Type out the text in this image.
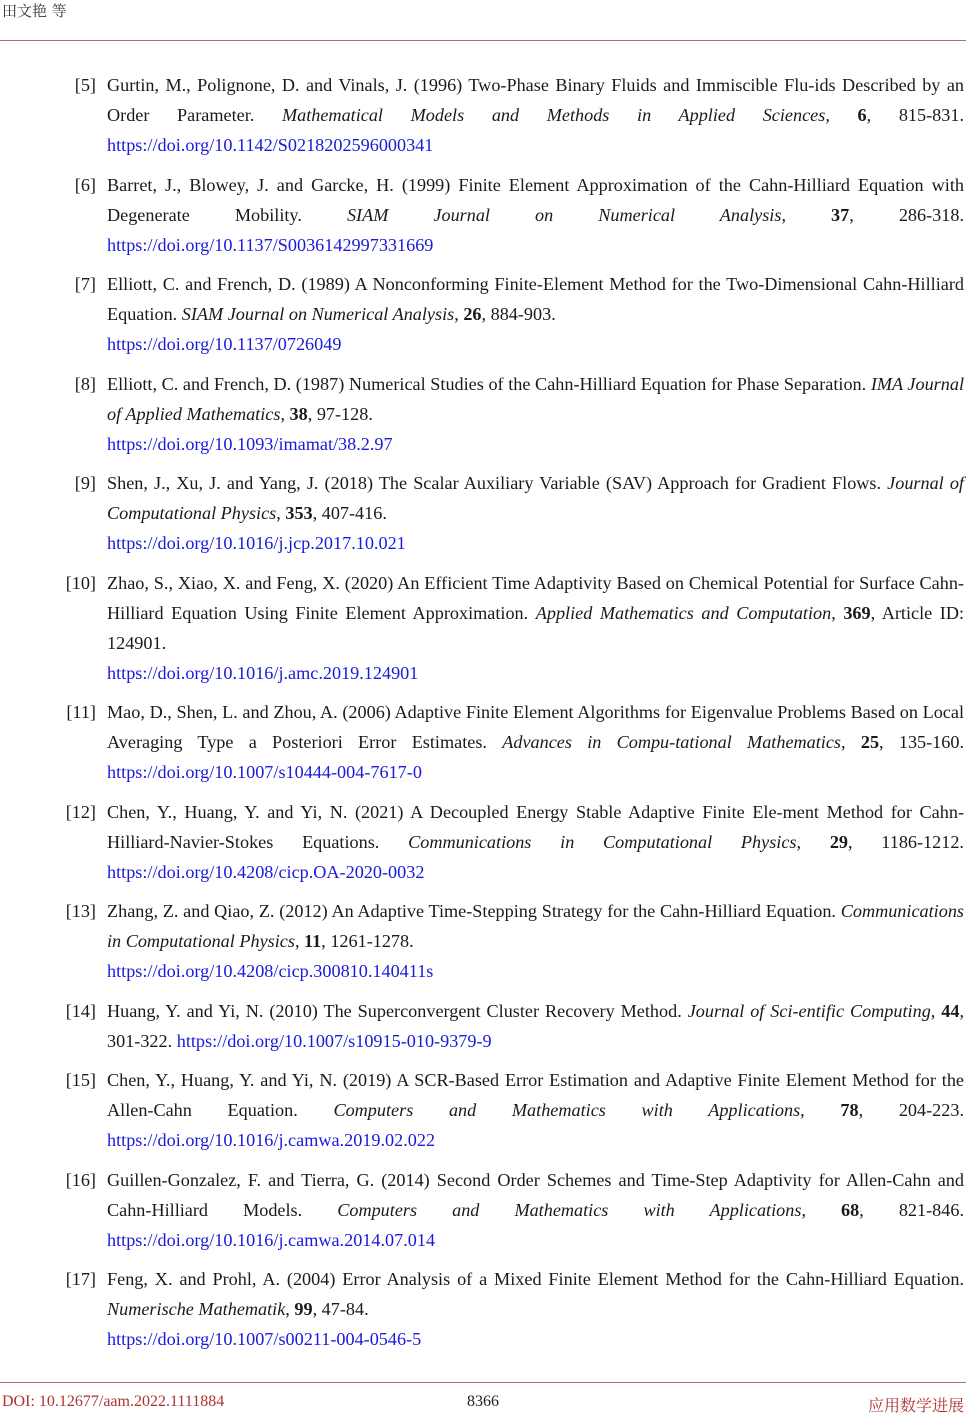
田文艳 等
[5] Gurtin, M., Polignone, D. and Vinals, J. (1996) Two-Phase Binary Fluids and Immiscible Flu-ids Described by an Order Parameter. Mathematical Models and Methods in Applied Sciences, 6, 815-831. https://doi.org/10.1142/S0218202596000341
[6] Barret, J., Blowey, J. and Garcke, H. (1999) Finite Element Approximation of the Cahn-Hilliard Equation with Degenerate Mobility. SIAM Journal on Numerical Analysis, 37, 286-318. https://doi.org/10.1137/S0036142997331669
[7] Elliott, C. and French, D. (1989) A Nonconforming Finite-Element Method for the Two-Dimensional Cahn-Hilliard Equation. SIAM Journal on Numerical Analysis, 26, 884-903.
https://doi.org/10.1137/0726049
[8] Elliott, C. and French, D. (1987) Numerical Studies of the Cahn-Hilliard Equation for Phase Separation. IMA Journal of Applied Mathematics, 38, 97-128.
https://doi.org/10.1093/imamat/38.2.97
[9] Shen, J., Xu, J. and Yang, J. (2018) The Scalar Auxiliary Variable (SAV) Approach for Gradient Flows. Journal of Computational Physics, 353, 407-416.
https://doi.org/10.1016/j.jcp.2017.10.021
[10] Zhao, S., Xiao, X. and Feng, X. (2020) An Efficient Time Adaptivity Based on Chemical Potential for Surface Cahn-Hilliard Equation Using Finite Element Approximation. Applied Mathematics and Computation, 369, Article ID: 124901.
https://doi.org/10.1016/j.amc.2019.124901
[11] Mao, D., Shen, L. and Zhou, A. (2006) Adaptive Finite Element Algorithms for Eigenvalue Problems Based on Local Averaging Type a Posteriori Error Estimates. Advances in Compu-tational Mathematics, 25, 135-160. https://doi.org/10.1007/s10444-004-7617-0
[12] Chen, Y., Huang, Y. and Yi, N. (2021) A Decoupled Energy Stable Adaptive Finite Ele-ment Method for Cahn-Hilliard-Navier-Stokes Equations. Communications in Computational Physics, 29, 1186-1212. https://doi.org/10.4208/cicp.OA-2020-0032
[13] Zhang, Z. and Qiao, Z. (2012) An Adaptive Time-Stepping Strategy for the Cahn-Hilliard Equation. Communications in Computational Physics, 11, 1261-1278.
https://doi.org/10.4208/cicp.300810.140411s
[14] Huang, Y. and Yi, N. (2010) The Superconvergent Cluster Recovery Method. Journal of Sci-entific Computing, 44, 301-322. https://doi.org/10.1007/s10915-010-9379-9
[15] Chen, Y., Huang, Y. and Yi, N. (2019) A SCR-Based Error Estimation and Adaptive Finite Element Method for the Allen-Cahn Equation. Computers and Mathematics with Applications, 78, 204-223. https://doi.org/10.1016/j.camwa.2019.02.022
[16] Guillen-Gonzalez, F. and Tierra, G. (2014) Second Order Schemes and Time-Step Adaptivity for Allen-Cahn and Cahn-Hilliard Models. Computers and Mathematics with Applications, 68, 821-846. https://doi.org/10.1016/j.camwa.2014.07.014
[17] Feng, X. and Prohl, A. (2004) Error Analysis of a Mixed Finite Element Method for the Cahn-Hilliard Equation. Numerische Mathematik, 99, 47-84.
https://doi.org/10.1007/s00211-004-0546-5
DOI: 10.12677/aam.2022.1111884	8366	应用数学进展
